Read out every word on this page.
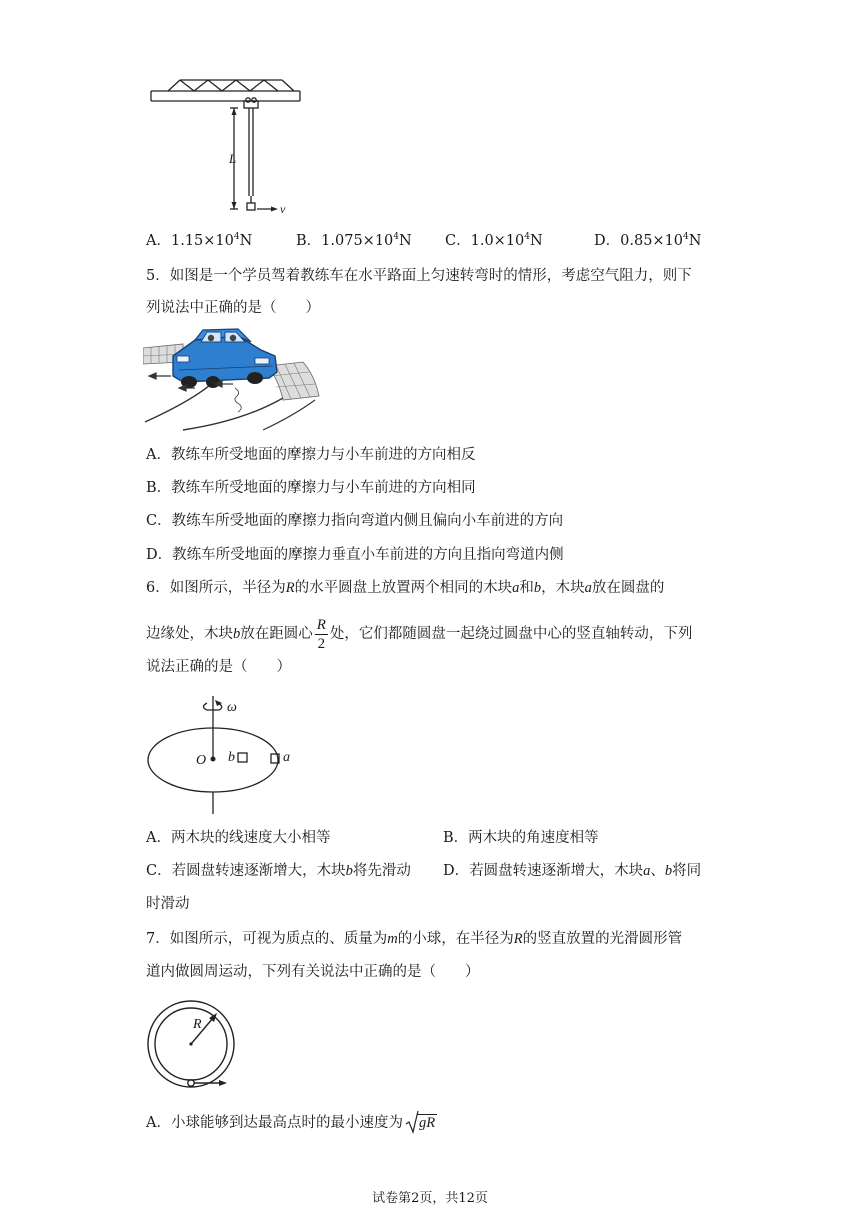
L
v
A．$1.15\times 10^4N$	B．$1.075\times 10^4N$ C．$1.0\times 10^4N$	D．$0.85\times 10^4N$
5．如图是一个学员驾着教练车在水平路面上匀速转弯时的情形，考虑空气阻力，则下
列说法中正确的是（　　）
A．教练车所受地面的摩擦力与小车前进的方向相反
B．教练车所受地面的摩擦力与小车前进的方向相同
C．教练车所受地面的摩擦力指向弯道内侧且偏向小车前进的方向
D．教练车所受地面的摩擦力垂直小车前进的方向且指向弯道内侧
6．如图所示，半径为R的水平圆盘上放置两个相同的木块a和b，木块a放在圆盘的
边缘处，木块b放在距圆心 $\frac{R}{2}$ 处，它们都随圆盘一起绕过圆盘中心的竖直轴转动，下列
说法正确的是（　　）
ω
O b	a
A．两木块的线速度大小相等	B．两木块的角速度相等
C．若圆盘转速逐渐增大，木块b将先滑动 D．若圆盘转速逐渐增大，木块a、b将同
时滑动
7．如图所示，可视为质点的、质量为m的小球，在半径为R的竖直放置的光滑圆形管
道内做圆周运动，下列有关说法中正确的是（　　）
R
A．小球能够到达最高点时的最小速度为 gR
试卷第2页，共12页
